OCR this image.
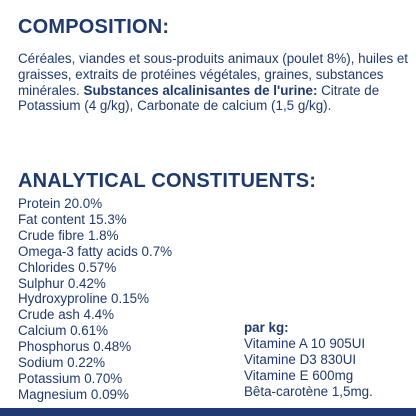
COMPOSITION:

Céréales, viandes et sous-produits animaux (poulet 8%), huiles et graisses, extraits de protéines végétales, graines, substances minérales. Substances alcalinisantes de l'urine: Citrate de Potassium (4 g/kg), Carbonate de calcium (1,5 g/kg).

ANALYTICAL CONSTITUENTS:
Protein 20.0%
Fat content 15.3%
Crude fibre 1.8%
Omega-3 fatty acids 0.7%
Chlorides 0.57%
Sulphur 0.42%
Hydroxyproline 0.15%
Crude ash 4.4%
Calcium 0.61%
Phosphorus 0.48%
Sodium 0.22%
Potassium 0.70%
Magnesium 0.09%
par kg:
Vitamine A 10 905UI
Vitamine D3 830UI
Vitamine E 600mg
Bêta-carotène 1,5mg.
